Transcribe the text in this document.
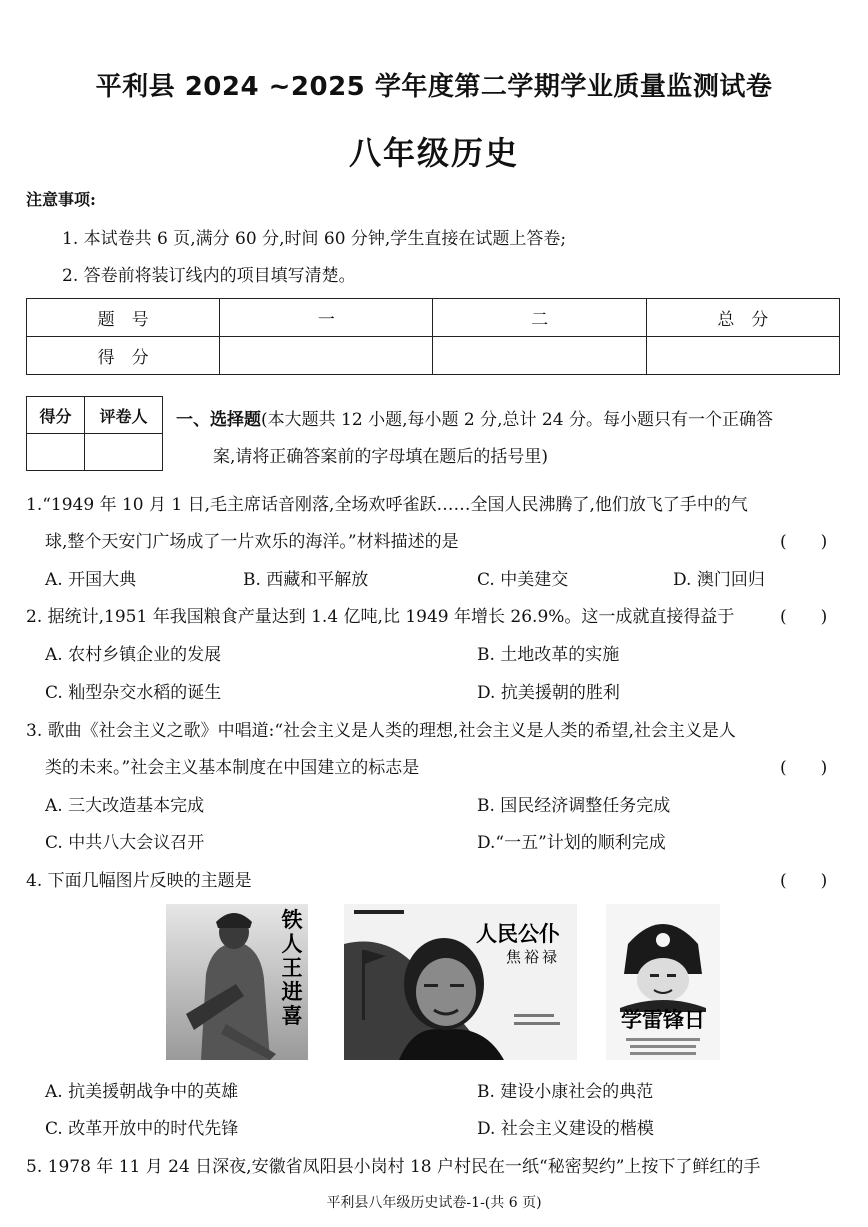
平利县 2024 ~2025 学年度第二学期学业质量监测试卷
八年级历史
注意事项:
1. 本试卷共 6 页,满分 60 分,时间 60 分钟,学生直接在试题上答卷;
2. 答卷前将装订线内的项目填写清楚。
题　号	一	二	总　分
得　分			
得分	评卷人
	一、选择题(本大题共 12 小题,每小题 2 分,总计 24 分。每小题只有一个正确答
案,请将正确答案前的字母填在题后的括号里)
1.“1949 年 10 月 1 日,毛主席话音刚落,全场欢呼雀跃……全国人民沸腾了,他们放飞了手中的气
球,整个天安门广场成了一片欢乐的海洋。”材料描述的是	(　　)
A. 开国大典	B. 西藏和平解放	C. 中美建交	D. 澳门回归
2. 据统计,1951 年我国粮食产量达到 1.4 亿吨,比 1949 年增长 26.9%。这一成就直接得益于	(　　)
A. 农村乡镇企业的发展	B. 土地改革的实施
C. 籼型杂交水稻的诞生	D. 抗美援朝的胜利
3. 歌曲《社会主义之歌》中唱道:“社会主义是人类的理想,社会主义是人类的希望,社会主义是人
类的未来。”社会主义基本制度在中国建立的标志是	(　　)
A. 三大改造基本完成	B. 国民经济调整任务完成
C. 中共八大会议召开	D.“一五”计划的顺利完成
4. 下面几幅图片反映的主题是	(　　)
铁人王进喜
人民公仆
焦裕禄
学雷锋日
A. 抗美援朝战争中的英雄	B. 建设小康社会的典范
C. 改革开放中的时代先锋	D. 社会主义建设的楷模
5. 1978 年 11 月 24 日深夜,安徽省凤阳县小岗村 18 户村民在一纸“秘密契约”上按下了鲜红的手
平利县八年级历史试卷-1-(共 6 页)
